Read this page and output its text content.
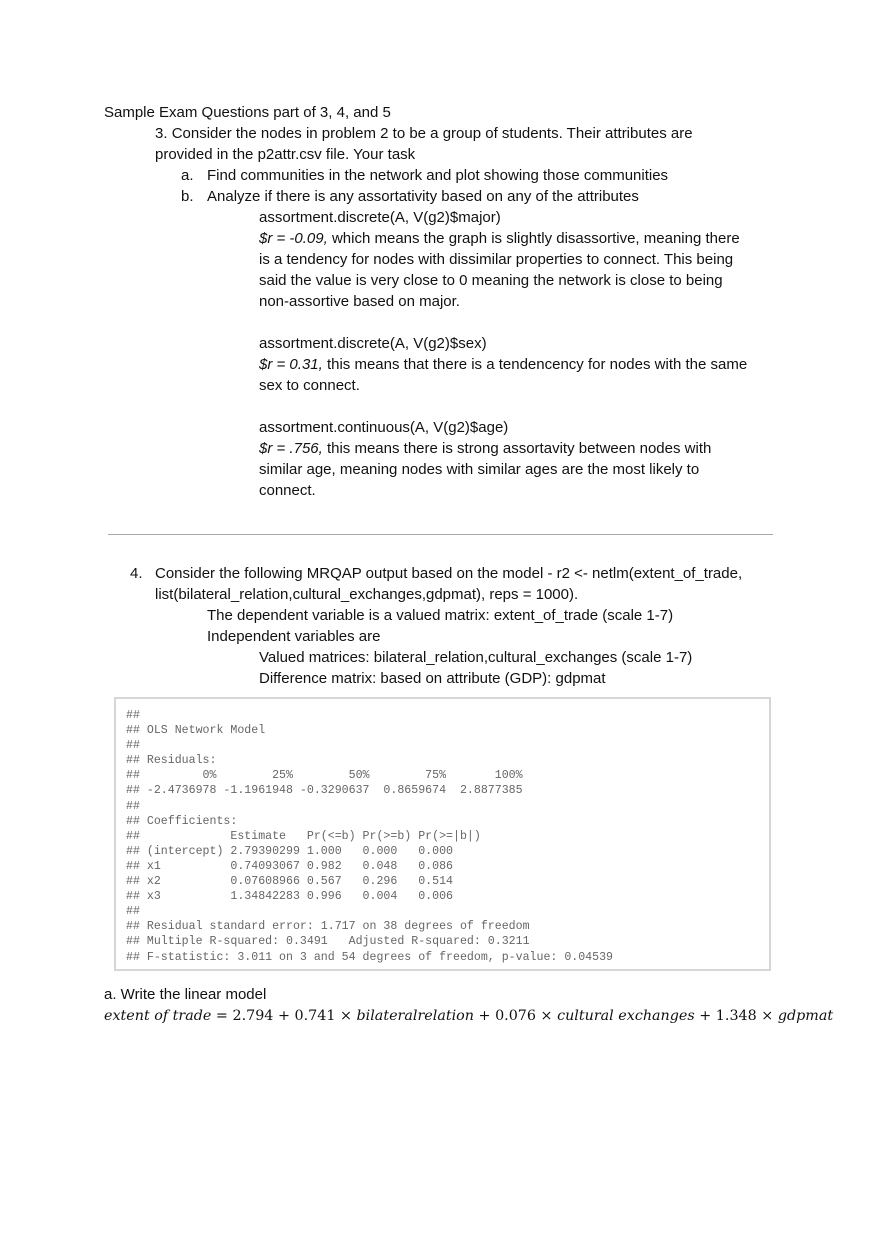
Sample Exam Questions part of 3, 4, and 5
3. Consider the nodes in problem 2 to be a group of students. Their attributes are
provided in the p2attr.csv file. Your task
a. Find communities in the network and plot showing those communities
b. Analyze if there is any assortativity based on any of the attributes
assortment.discrete(A, V(g2)$major)
$r = -0.09, which means the graph is slightly disassortive, meaning there
is a tendency for nodes with dissimilar properties to connect. This being
said the value is very close to 0 meaning the network is close to being
non-assortive based on major.
assortment.discrete(A, V(g2)$sex)
$r = 0.31, this means that there is a tendencency for nodes with the same
sex to connect.
assortment.continuous(A, V(g2)$age)
$r = .756, this means there is strong assortavity between nodes with
similar age, meaning nodes with similar ages are the most likely to
connect.
4. Consider the following MRQAP output based on the model - r2 <- netlm(extent_of_trade,
list(bilateral_relation,cultural_exchanges,gdpmat), reps = 1000).
The dependent variable is a valued matrix: extent_of_trade (scale 1-7)
Independent variables are
Valued matrices: bilateral_relation,cultural_exchanges (scale 1-7)
Difference matrix: based on attribute (GDP): gdpmat
##
## OLS Network Model
##
## Residuals:
##         0%        25%        50%        75%       100%
## -2.4736978 -1.1961948 -0.3290637  0.8659674  2.8877385
##
## Coefficients:
##             Estimate   Pr(<=b) Pr(>=b) Pr(>=|b|)
## (intercept) 2.79390299 1.000   0.000   0.000
## x1          0.74093067 0.982   0.048   0.086
## x2          0.07608966 0.567   0.296   0.514
## x3          1.34842283 0.996   0.004   0.006
##
## Residual standard error: 1.717 on 38 degrees of freedom
## Multiple R-squared: 0.3491   Adjusted R-squared: 0.3211
## F-statistic: 3.011 on 3 and 54 degrees of freedom, p-value: 0.04539
a. Write the linear model
extent of trade = 2.794 + 0.741 × bilateralrelation + 0.076 × cultural exchanges + 1.348 × gdpmat
